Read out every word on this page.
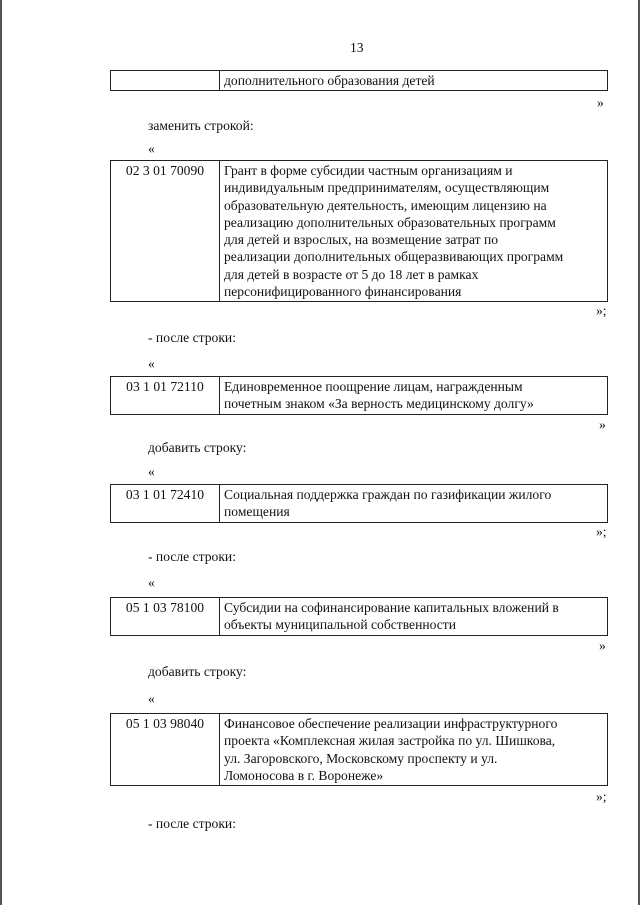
13

дополнительного образования детей
»
заменить строкой:
«
02 3 01 70090	Грант в форме субсидии частным организациям и
индивидуальным предпринимателям, осуществляющим
образовательную деятельность, имеющим лицензию на
реализацию дополнительных образовательных программ
для детей и взрослых, на возмещение затрат по
реализации дополнительных общеразвивающих программ
для детей в возрасте от 5 до 18 лет в рамках
персонифицированного финансирования
»;
- после строки:
«
03 1 01 72110	Единовременное поощрение лицам, награжденным
почетным знаком «За верность медицинскому долгу»
»
добавить строку:
«
03 1 01 72410	Социальная поддержка граждан по газификации жилого
помещения
»;
- после строки:
«
05 1 03 78100	Субсидии на софинансирование капитальных вложений в
объекты муниципальной собственности
»
добавить строку:
«
05 1 03 98040	Финансовое обеспечение реализации инфраструктурного
проекта «Комплексная жилая застройка по ул. Шишкова,
ул. Загоровского, Московскому проспекту и ул.
Ломоносова в г. Воронеже»
»;
- после строки:
